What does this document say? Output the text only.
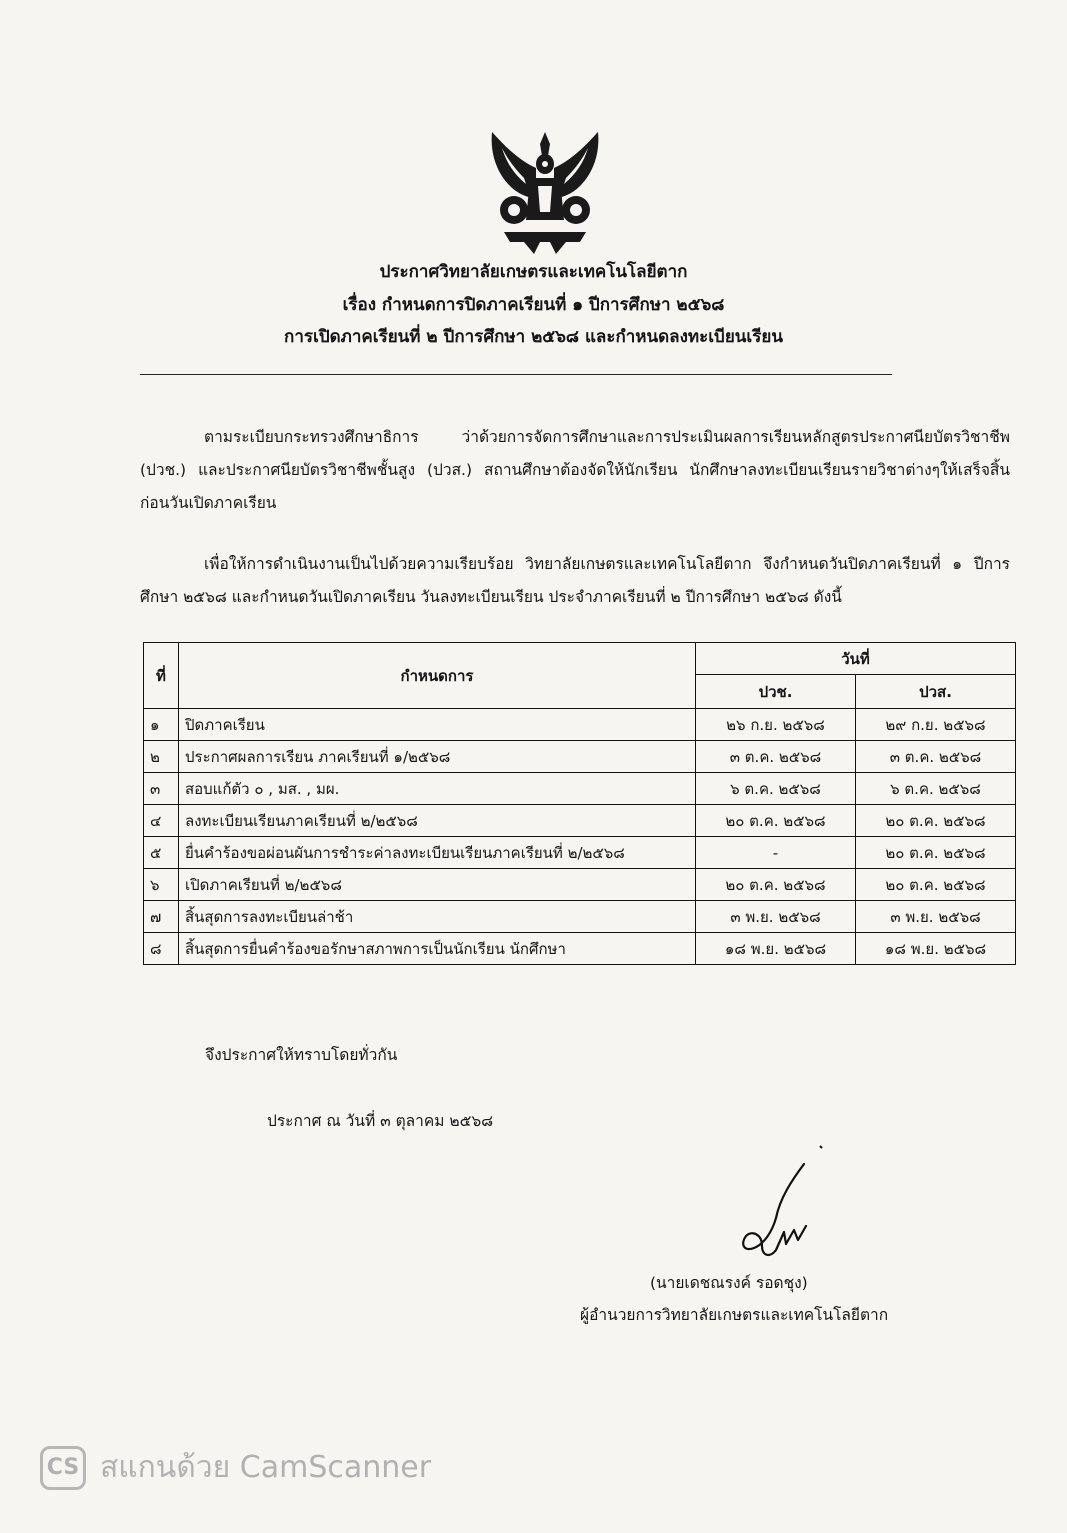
ประกาศวิทยาลัยเกษตรและเทคโนโลยีตาก
เรื่อง กำหนดการปิดภาคเรียนที่ ๑ ปีการศึกษา ๒๕๖๘
การเปิดภาคเรียนที่ ๒ ปีการศึกษา ๒๕๖๘ และกำหนดลงทะเบียนเรียน
ตามระเบียบกระทรวงศึกษาธิการ ว่าด้วยการจัดการศึกษาและการประเมินผลการเรียนหลักสูตรประกาศนียบัตรวิชาชีพ (ปวช.) และประกาศนียบัตรวิชาชีพชั้นสูง (ปวส.) สถานศึกษาต้องจัดให้นักเรียน นักศึกษาลงทะเบียนเรียนรายวิชาต่างๆให้เสร็จสิ้นก่อนวันเปิดภาคเรียน
เพื่อให้การดำเนินงานเป็นไปด้วยความเรียบร้อย วิทยาลัยเกษตรและเทคโนโลยีตาก จึงกำหนดวันปิดภาคเรียนที่ ๑ ปีการศึกษา ๒๕๖๘ และกำหนดวันเปิดภาคเรียน วันลงทะเบียนเรียน ประจำภาคเรียนที่ ๒ ปีการศึกษา ๒๕๖๘ ดังนี้
ที่	กำหนดการ	วันที่	
		ปวช.	ปวส.
๑	ปิดภาคเรียน	๒๖ ก.ย. ๒๕๖๘	๒๙ ก.ย. ๒๕๖๘
๒	ประกาศผลการเรียน ภาคเรียนที่ ๑/๒๕๖๘	๓ ต.ค. ๒๕๖๘	๓ ต.ค. ๒๕๖๘
๓	สอบแก้ตัว ๐ , มส. , มผ.	๖ ต.ค. ๒๕๖๘	๖ ต.ค. ๒๕๖๘
๔	ลงทะเบียนเรียนภาคเรียนที่ ๒/๒๕๖๘	๒๐ ต.ค. ๒๕๖๘	๒๐ ต.ค. ๒๕๖๘
๕	ยื่นคำร้องขอผ่อนผันการชำระค่าลงทะเบียนเรียนภาคเรียนที่ ๒/๒๕๖๘	-	๒๐ ต.ค. ๒๕๖๘
๖	เปิดภาคเรียนที่ ๒/๒๕๖๘	๒๐ ต.ค. ๒๕๖๘	๒๐ ต.ค. ๒๕๖๘
๗	สิ้นสุดการลงทะเบียนล่าช้า	๓ พ.ย. ๒๕๖๘	๓ พ.ย. ๒๕๖๘
๘	สิ้นสุดการยื่นคำร้องขอรักษาสภาพการเป็นนักเรียน นักศึกษา	๑๘ พ.ย. ๒๕๖๘	๑๘ พ.ย. ๒๕๖๘
จึงประกาศให้ทราบโดยทั่วกัน
ประกาศ ณ วันที่ ๓ ตุลาคม ๒๕๖๘
(นายเดชณรงค์ รอดชุง)
ผู้อำนวยการวิทยาลัยเกษตรและเทคโนโลยีตาก
CS สแกนด้วย CamScanner
